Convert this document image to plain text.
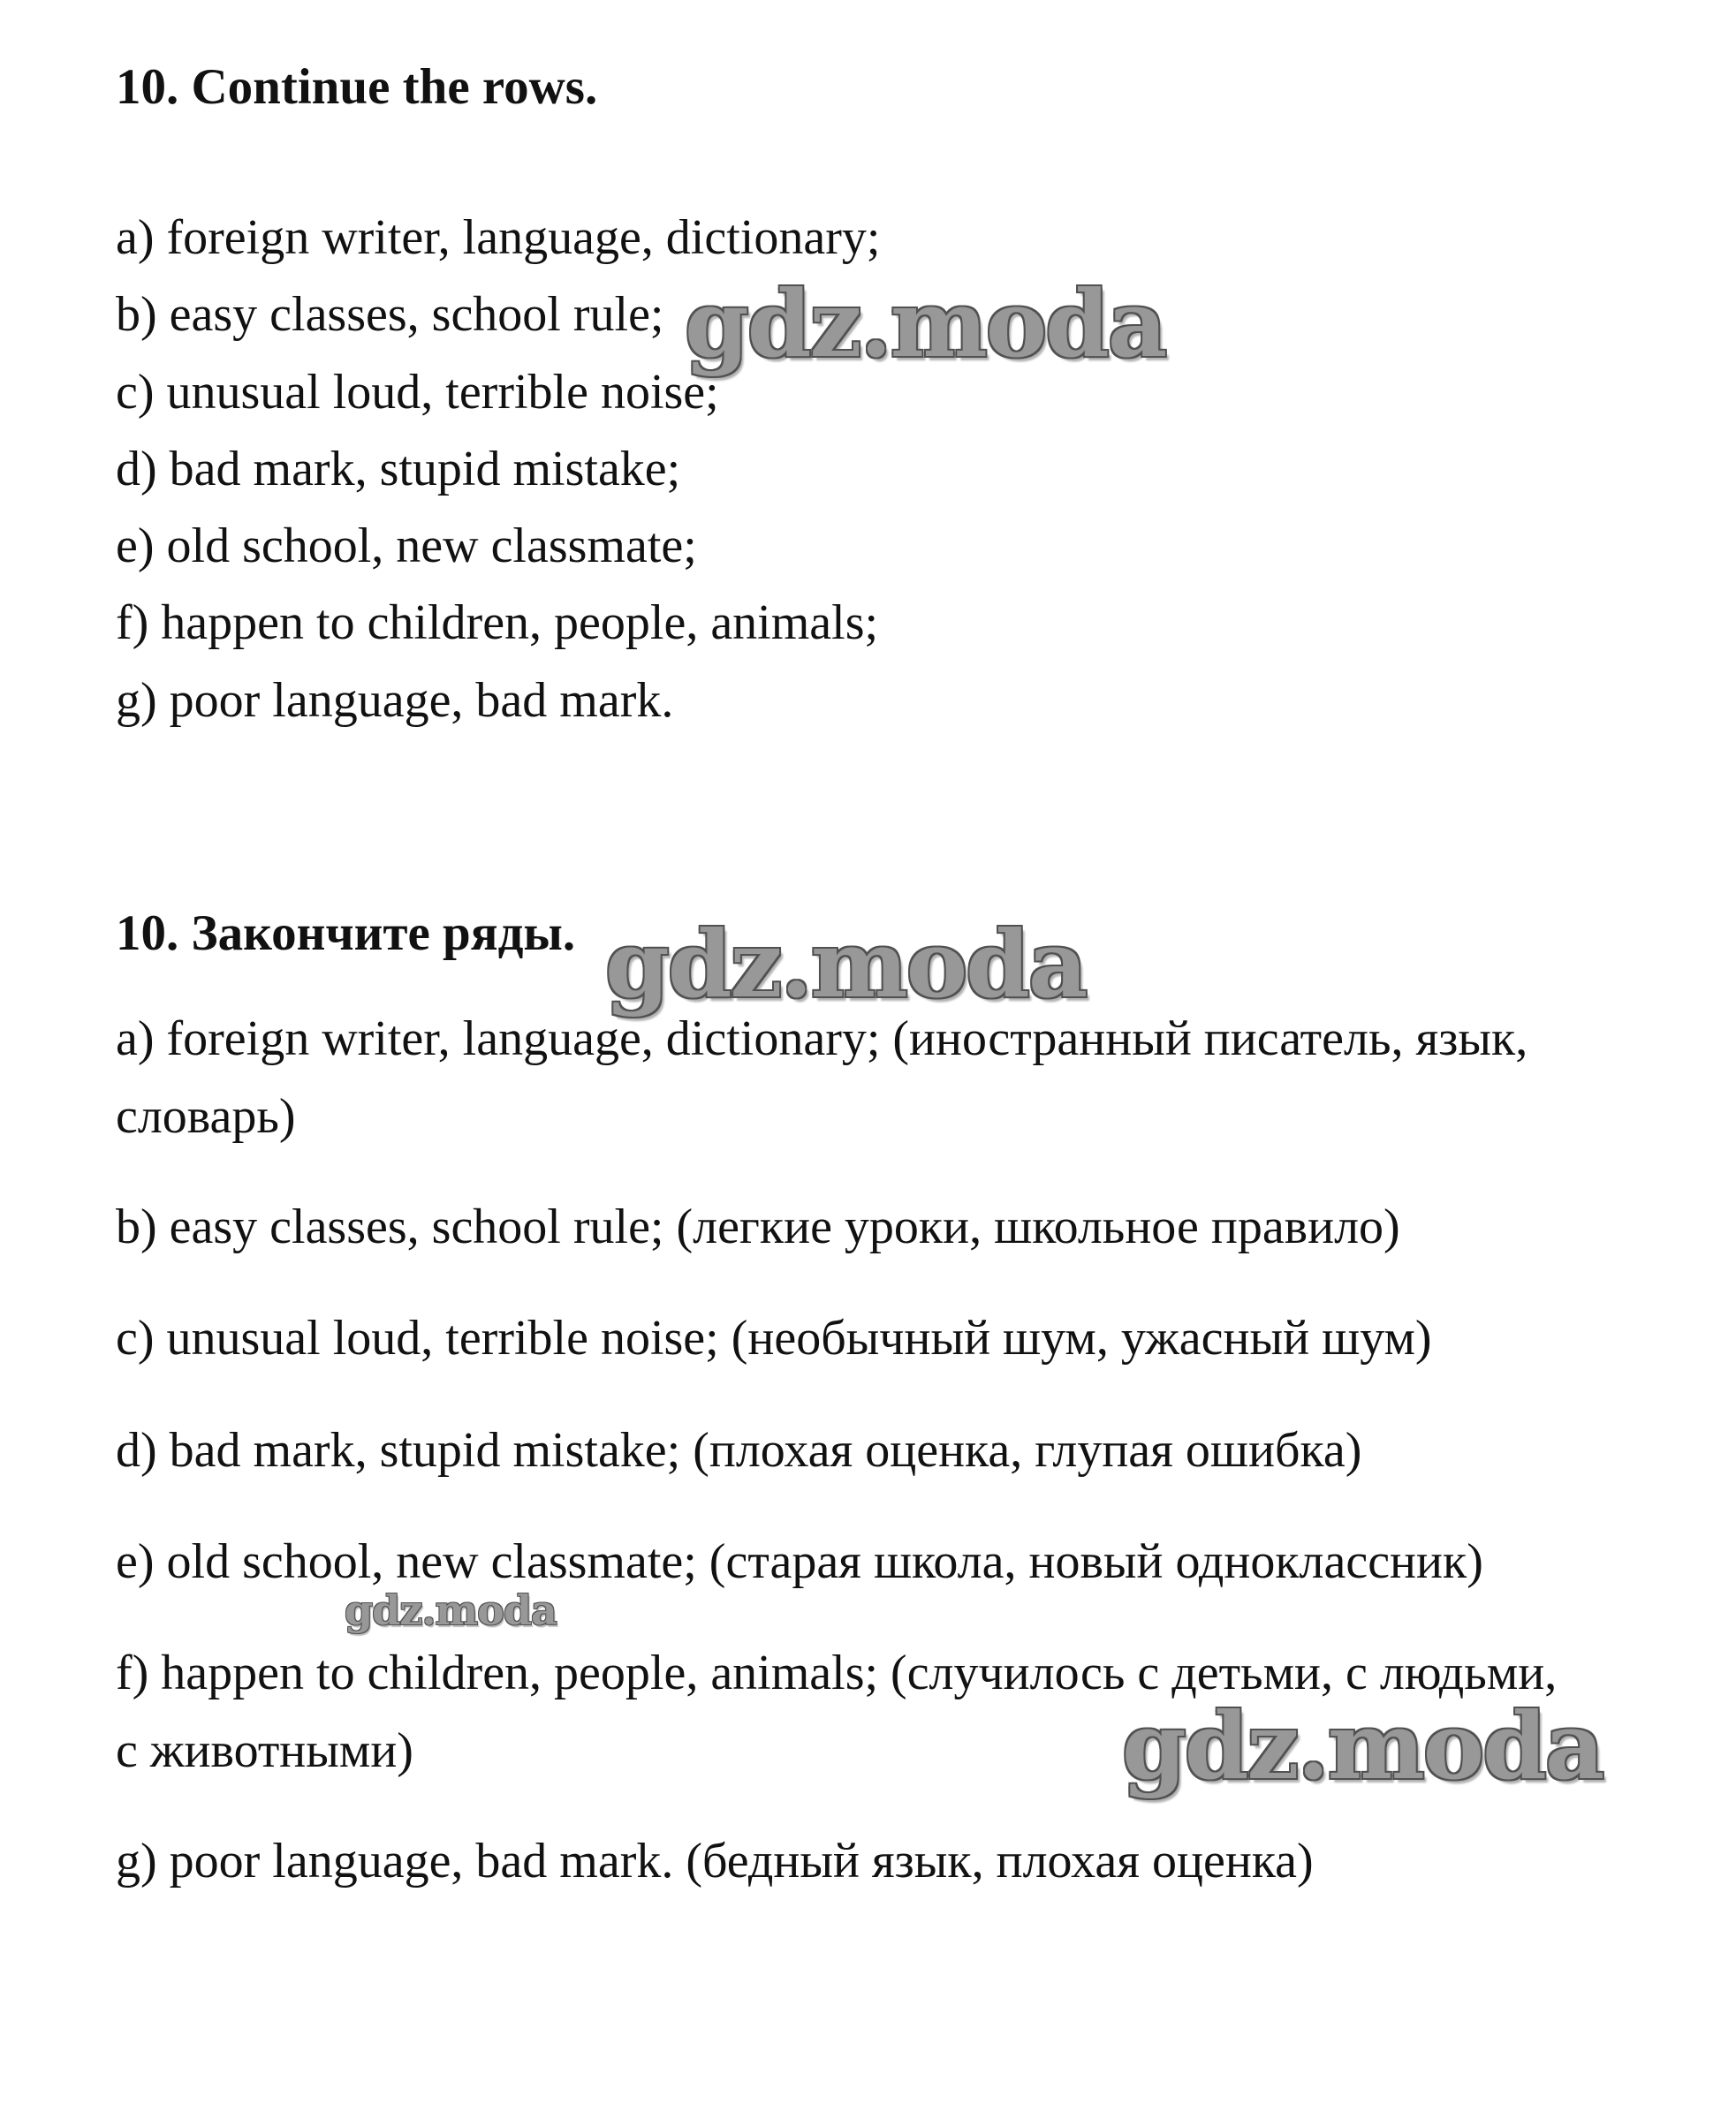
10. Continue the rows.

a) foreign writer, language, dictionary;

b) easy classes, school rule;

c) unusual loud, terrible noise;

d) bad mark, stupid mistake;

e) old school, new classmate;

f) happen to children, people, animals;

g) poor language, bad mark.

10. Закончите ряды.

a) foreign writer, language, dictionary; (иностранный писатель, язык,

словарь)

b) easy classes, school rule; (легкие уроки, школьное правило)

c) unusual loud, terrible noise; (необычный шум, ужасный шум)

d) bad mark, stupid mistake; (плохая оценка, глупая ошибка)

e) old school, new classmate; (старая школа, новый одноклассник)

f) happen to children, people, animals; (случилось с детьми, с людьми,

с животными)

g) poor language, bad mark. (бедный язык, плохая оценка)

gdz.moda
gdz.moda
gdz.moda
gdz.moda
